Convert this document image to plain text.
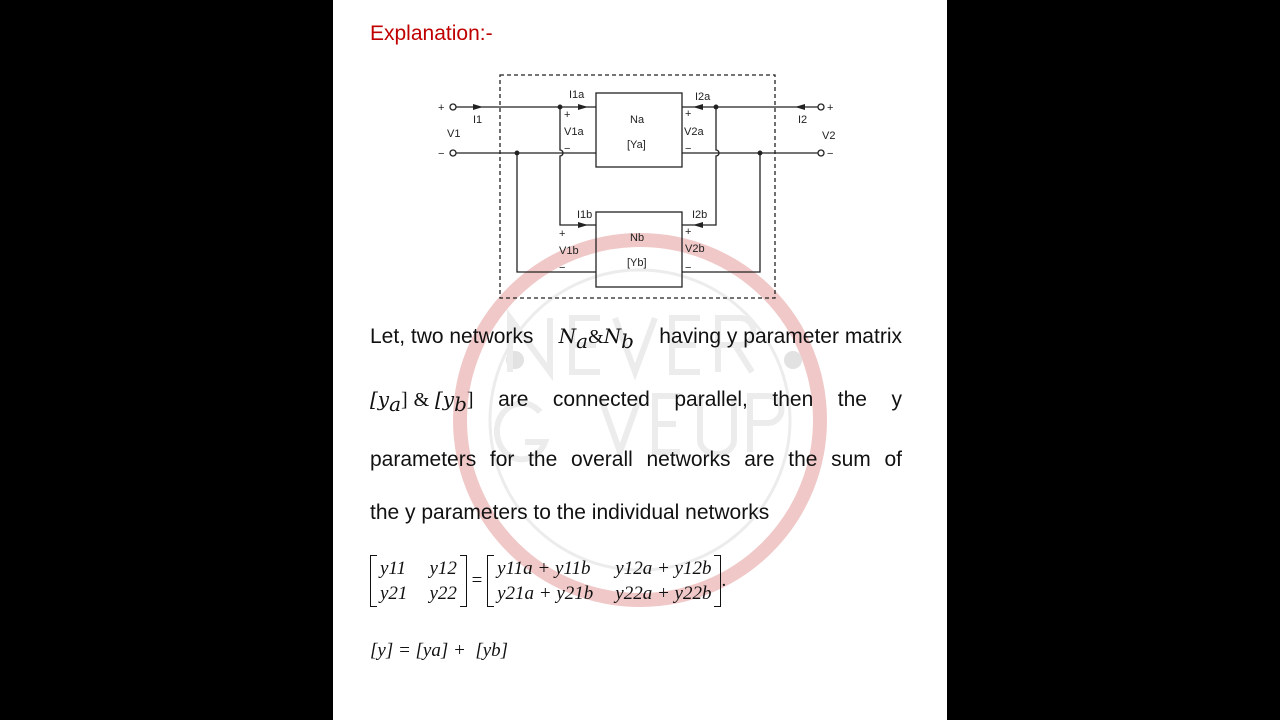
Explanation:-
+
−
+
−
I1
V1
I2
V2
I1a	I2a
+
V1a
−
+
V2a
−
Na
[Ya]
I1b	I2b
+
V1b
−
+
V2b
−
Nb
[Yb]
Let, two networks $N_a\&N_b$ having y parameter matrix
$[y_a]$ & $[y_b]$ are connected parallel, then the y
parameters for the overall networks are the sum of
the y parameters to the individual networks
y11 y12
y21 y22
=
y11a + y11b y12a + y12b
y21a + y21b y22a + y22b
.
[y] = [ya] +  [yb]
